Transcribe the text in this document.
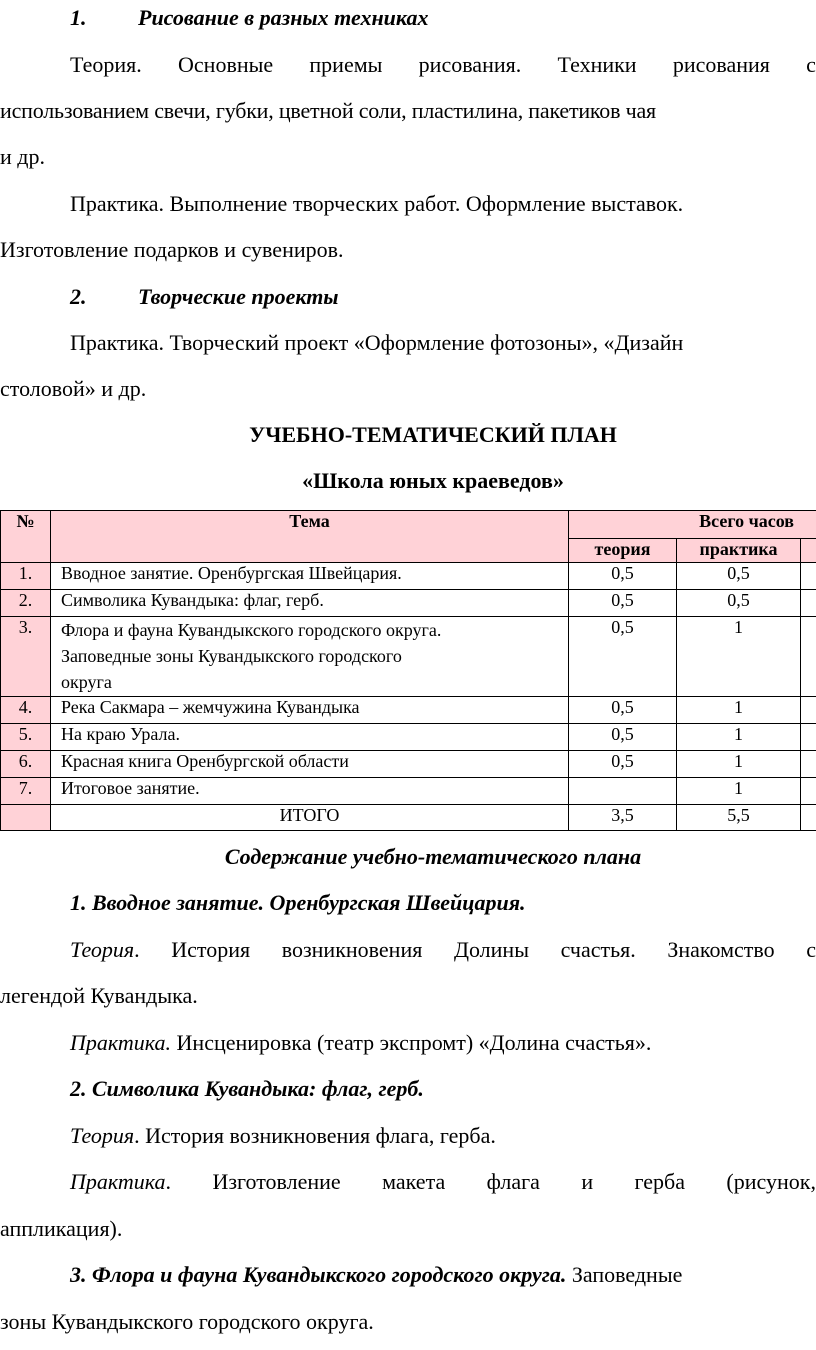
1. Рисование в разных техниках
Теория. Основные приемы рисования. Техники рисования с
использованием свечи, губки, цветной соли, пластилина, пакетиков чая
и др.
Практика. Выполнение творческих работ. Оформление выставок.
Изготовление подарков и сувениров.
2. Творческие проекты
Практика. Творческий проект «Оформление фотозоны», «Дизайн
столовой» и др.
УЧЕБНО-ТЕМАТИЧЕСКИЙ ПЛАН
«Школа юных краеведов»
№	Тема	Всего часов		
		теория	практика	
1.	Вводное занятие. Оренбургская Швейцария.	0,5	0,5	
2.	Символика Кувандыка: флаг, герб.	0,5	0,5	
3.	Флора и фауна Кувандыкского городского округа.
Заповедные зоны Кувандыкского городского
округа	0,5	1	
4.	Река Сакмара – жемчужина Кувандыка	0,5	1	
5.	На краю Урала.	0,5	1	
6.	Красная книга Оренбургской области	0,5	1	
7.	Итоговое занятие.		1	
	ИТОГО	3,5	5,5	
Содержание учебно-тематического плана
1. Вводное занятие. Оренбургская Швейцария.
Теория. История возникновения Долины счастья. Знакомство с
легендой Кувандыка.
Практика. Инсценировка (театр экспромт) «Долина счастья».
2. Символика Кувандыка: флаг, герб.
Теория. История возникновения флага, герба.
Практика. Изготовление макета флага и герба (рисунок,
аппликация).
3. Флора и фауна Кувандыкского городского округа. Заповедные
зоны Кувандыкского городского округа.
